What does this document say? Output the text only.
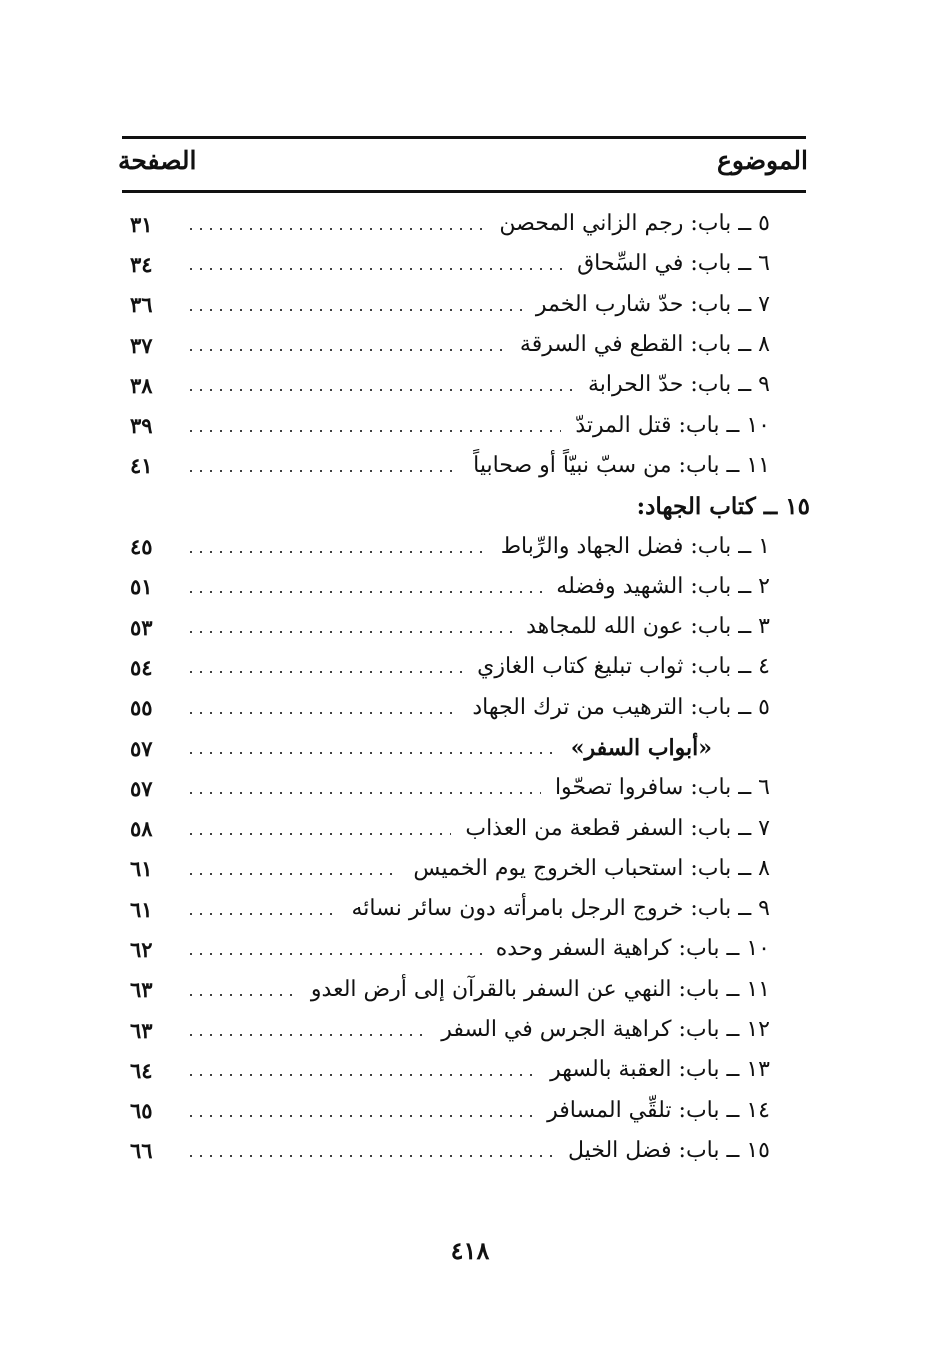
الموضوع
الصفحة
٥ ــ باب: رجم الزاني المحصن
٣١
٦ ــ باب: في السِّحاق
٣٤
٧ ــ باب: حدّ شارب الخمر
٣٦
٨ ــ باب: القطع في السرقة
٣٧
٩ ــ باب: حدّ الحرابة
٣٨
١٠ ــ باب: قتل المرتدّ
٣٩
١١ ــ باب: من سبّ نبيّاً أو صحابياً
٤١
١٥ ــ كتاب الجهاد:
١ ــ باب: فضل الجهاد والرِّباط
٤٥
٢ ــ باب: الشهيد وفضله
٥١
٣ ــ باب: عون الله للمجاهد
٥٣
٤ ــ باب: ثواب تبليغ كتاب الغازي
٥٤
٥ ــ باب: الترهيب من ترك الجهاد
٥٥
«أبواب السفر»
٥٧
٦ ــ باب: سافروا تصحّوا
٥٧
٧ ــ باب: السفر قطعة من العذاب
٥٨
٨ ــ باب: استحباب الخروج يوم الخميس
٦١
٩ ــ باب: خروج الرجل بامرأته دون سائر نسائه
٦١
١٠ ــ باب: كراهية السفر وحده
٦٢
١١ ــ باب: النهي عن السفر بالقرآن إلى أرض العدو
٦٣
١٢ ــ باب: كراهية الجرس في السفر
٦٣
١٣ ــ باب: العقبة بالسهر
٦٤
١٤ ــ باب: تلقِّي المسافر
٦٥
١٥ ــ باب: فضل الخيل
٦٦
٤١٨
